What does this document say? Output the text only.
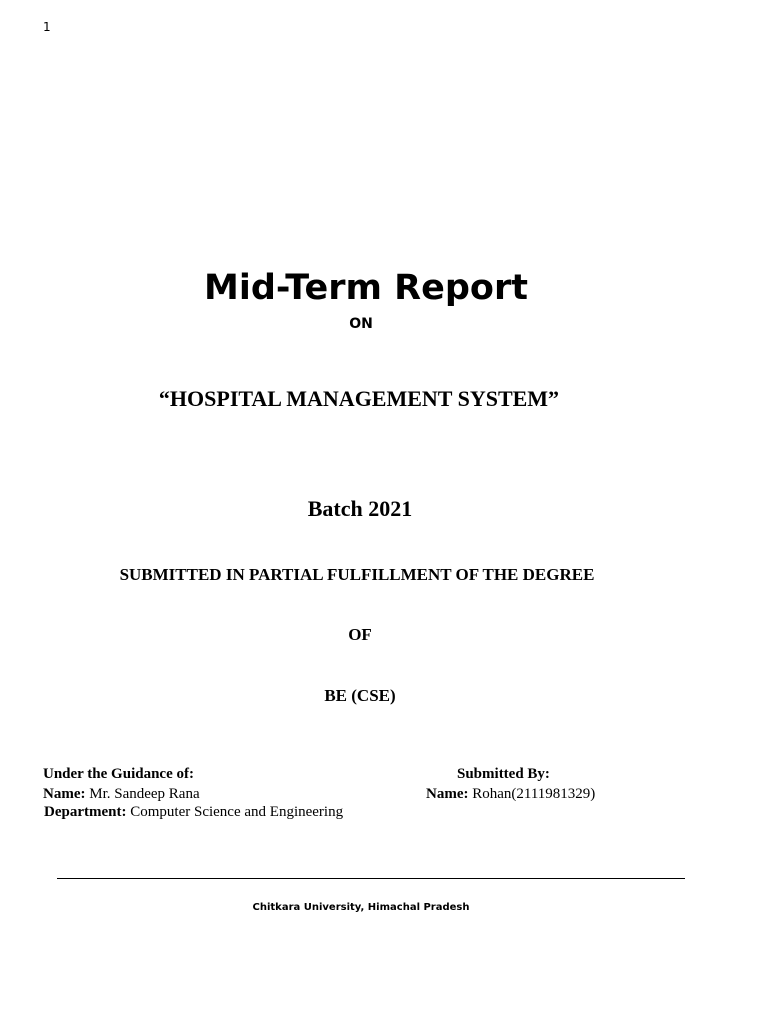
1
Mid-Term Report
ON
“HOSPITAL MANAGEMENT SYSTEM”
Batch 2021
SUBMITTED IN PARTIAL FULFILLMENT OF THE DEGREE
OF
BE (CSE)
Under the Guidance of:
Name: Mr. Sandeep Rana
Department: Computer Science and Engineering
Submitted By:
Name: Rohan(2111981329)
Chitkara University, Himachal Pradesh
